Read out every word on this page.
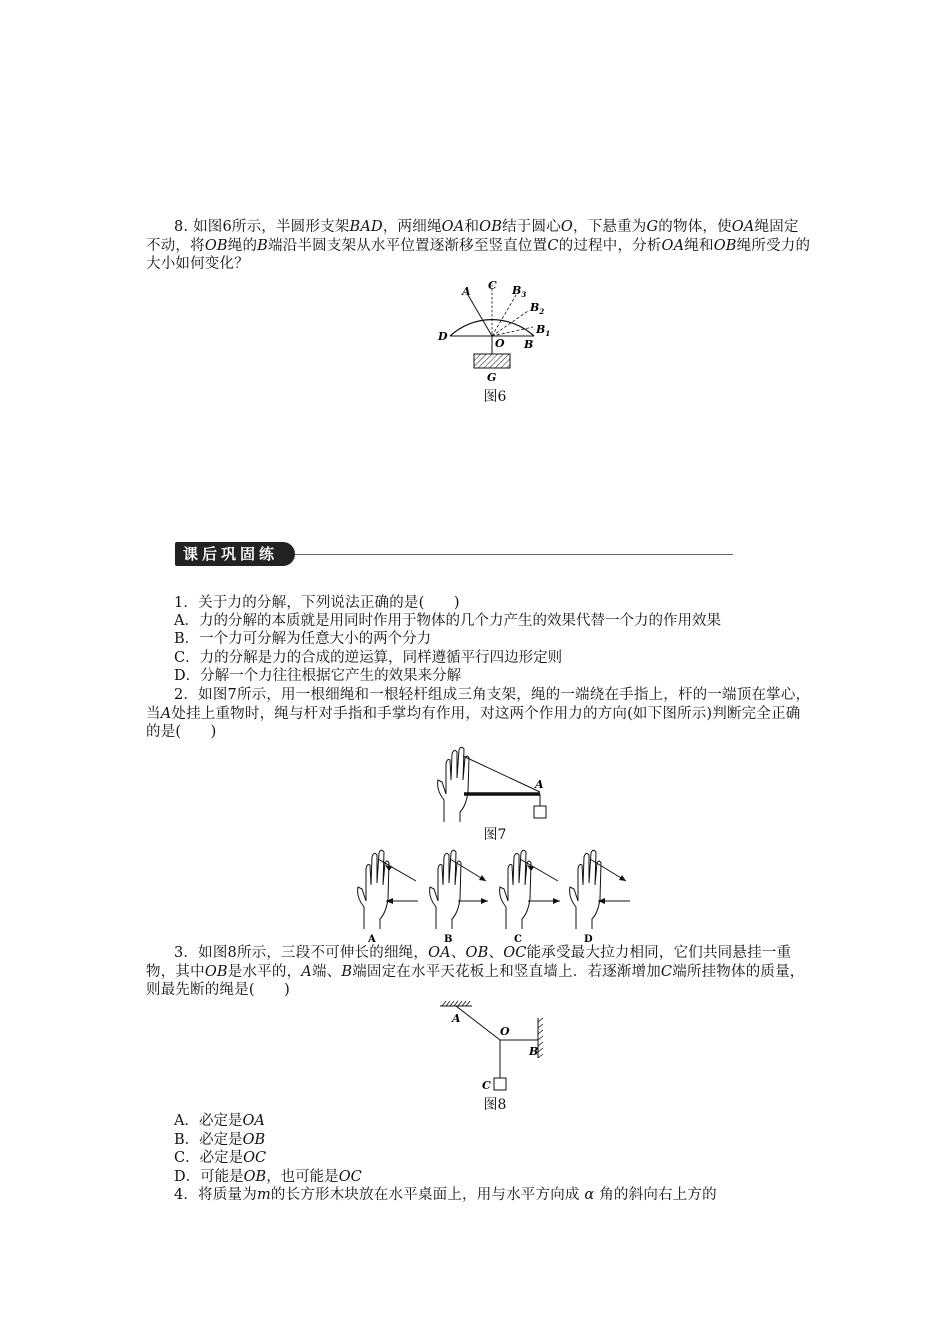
8. 如图6所示，半圆形支架BAD，两细绳OA和OB结于圆心O，下悬重为G的物体，使OA绳固定不动，将OB绳的B端沿半圆支架从水平位置逐渐移至竖直位置C的过程中，分析OA绳和OB绳所受力的大小如何变化？

A C $B_3$
$B_2$
$B_1$
B
D
O
G
图6
课后巩固练

1．关于力的分解，下列说法正确的是(　　)

A．力的分解的本质就是用同时作用于物体的几个力产生的效果代替一个力的作用效果

B．一个力可分解为任意大小的两个分力

C．力的分解是力的合成的逆运算，同样遵循平行四边形定则

D．分解一个力往往根据它产生的效果来分解

2．如图7所示，用一根细绳和一根轻杆组成三角支架，绳的一端绕在手指上，杆的一端顶在掌心，当A处挂上重物时，绳与杆对手指和手掌均有作用，对这两个作用力的方向(如下图所示)判断完全正确的是(　　)

A
图7
A	B	C	D

3．如图8所示，三段不可伸长的细绳，OA、OB、OC能承受最大拉力相同，它们共同悬挂一重物，其中OB是水平的，A端、B端固定在水平天花板上和竖直墙上．若逐渐增加C端所挂物体的质量，则最先断的绳是(　　)

A
O
B
C
图8

A．必定是OA

B．必定是OB

C．必定是OC

D．可能是OB，也可能是OC

4．将质量为m的长方形木块放在水平桌面上，用与水平方向成 α 角的斜向右上方的
